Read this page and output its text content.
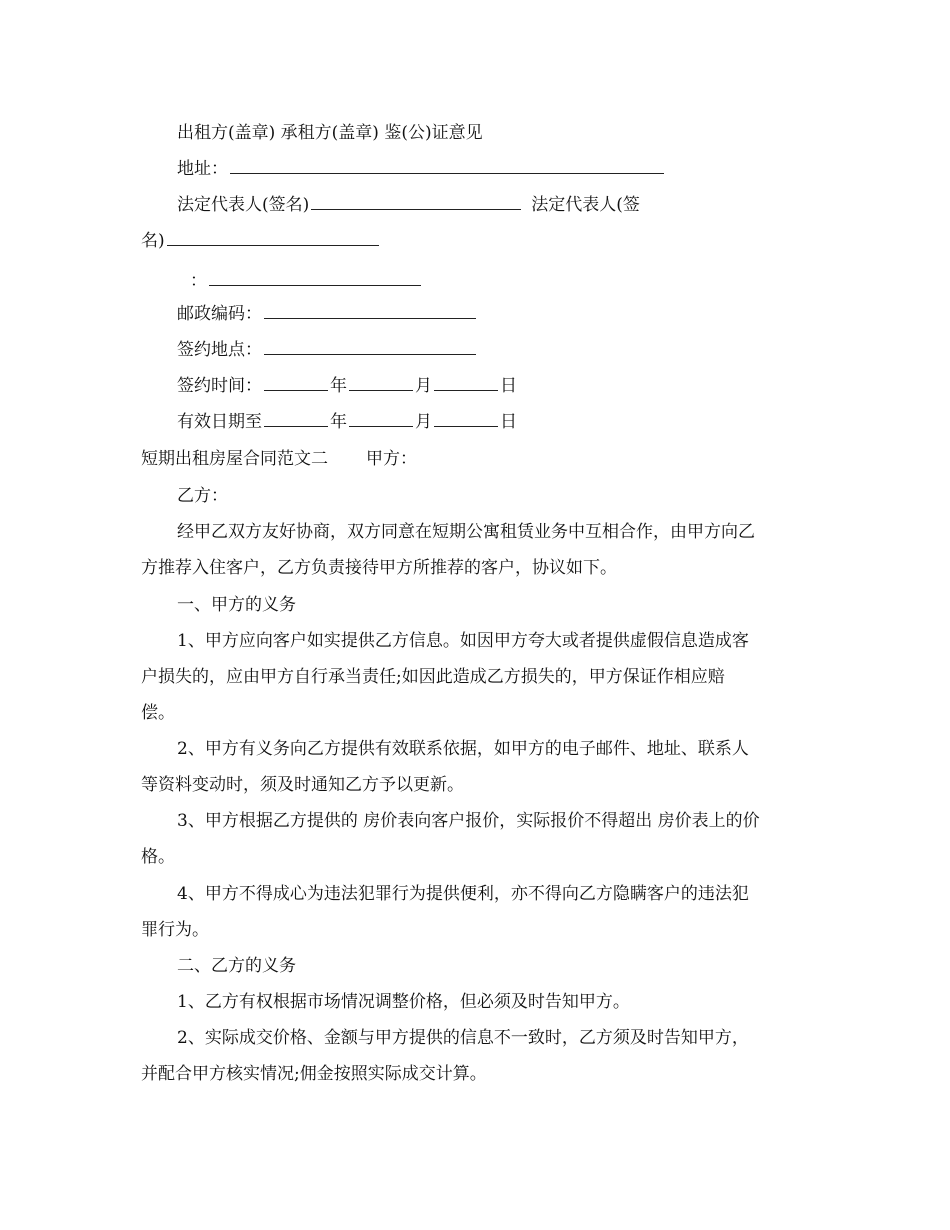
出租方(盖章) 承租方(盖章) 鉴(公)证意见
地址：
法定代表人(签名)	法定代表人(签
名)
：
邮政编码：
签约地点：
签约时间：	年	月	日
有效日期至	年	月	日
短期出租房屋合同范文二 甲方：
乙方：
经甲乙双方友好协商，双方同意在短期公寓租赁业务中互相合作，由甲方向乙
方推荐入住客户，乙方负责接待甲方所推荐的客户，协议如下。
一、甲方的义务
1、甲方应向客户如实提供乙方信息。如因甲方夸大或者提供虚假信息造成客
户损失的，应由甲方自行承当责任;如因此造成乙方损失的，甲方保证作相应赔
偿。
2、甲方有义务向乙方提供有效联系依据，如甲方的电子邮件、地址、联系人
等资料变动时，须及时通知乙方予以更新。
3、甲方根据乙方提供的 房价表向客户报价，实际报价不得超出 房价表上的价
格。
4、甲方不得成心为违法犯罪行为提供便利，亦不得向乙方隐瞒客户的违法犯
罪行为。
二、乙方的义务
1、乙方有权根据市场情况调整价格，但必须及时告知甲方。
2、实际成交价格、金额与甲方提供的信息不一致时，乙方须及时告知甲方，
并配合甲方核实情况;佣金按照实际成交计算。
